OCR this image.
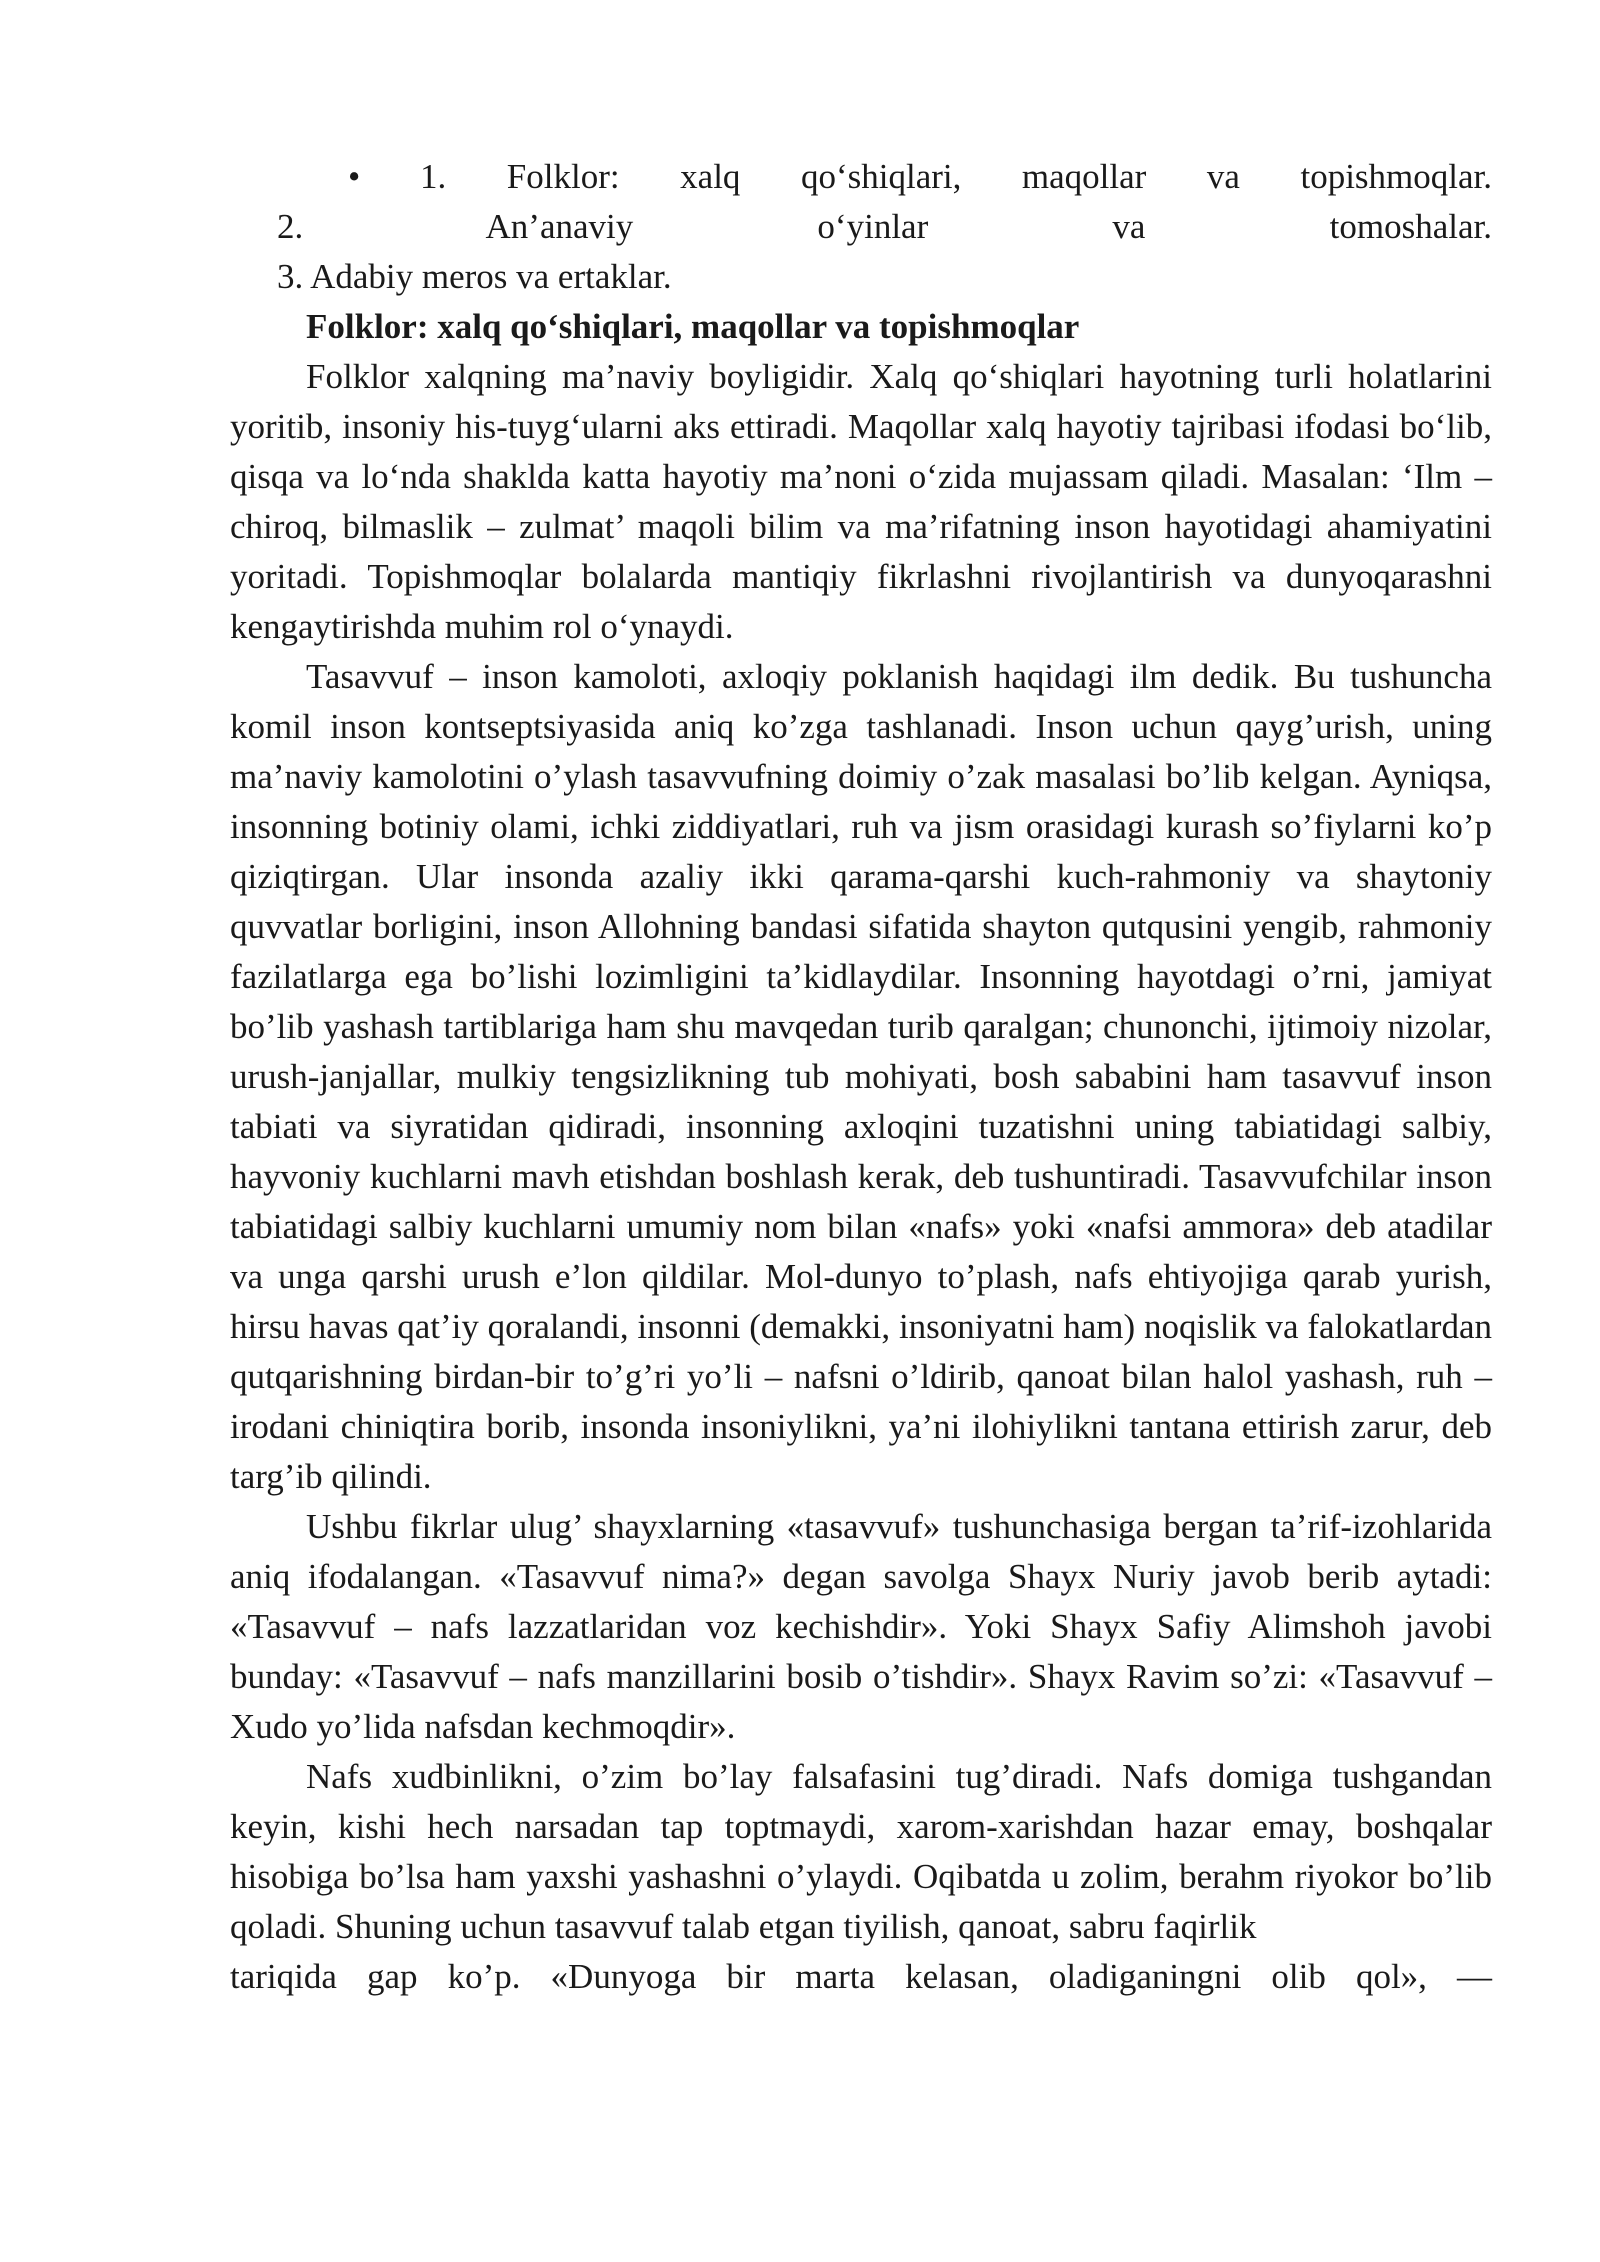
•	1. Folklor: xalq qo‘shiqlari, maqollar va topishmoqlar.
2. An’anaviy o‘yinlar va tomoshalar.
3. Adabiy meros va ertaklar.

Folklor: xalq qo‘shiqlari, maqollar va topishmoqlar

Folklor xalqning ma’naviy boyligidir. Xalq qo‘shiqlari hayotning turli holatlarini yoritib, insoniy his-tuyg‘ularni aks ettiradi. Maqollar xalq hayotiy tajribasi ifodasi bo‘lib, qisqa va lo‘nda shaklda katta hayotiy ma’noni o‘zida mujassam qiladi. Masalan: ‘Ilm – chiroq, bilmaslik – zulmat’ maqoli bilim va ma’rifatning inson hayotidagi ahamiyatini yoritadi. Topishmoqlar bolalarda mantiqiy fikrlashni rivojlantirish va dunyoqarashni kengaytirishda muhim rol o‘ynaydi.

Tasavvuf – inson kamoloti, axloqiy poklanish haqidagi ilm dedik. Bu tushuncha komil inson kontseptsiyasida aniq ko’zga tashlanadi. Inson uchun qayg’urish, uning ma’naviy kamolotini o’ylash tasavvufning doimiy o’zak masalasi bo’lib kelgan. Ayniqsa, insonning botiniy olami, ichki ziddiyatlari, ruh va jism orasidagi kurash so’fiylarni ko’p qiziqtirgan. Ular insonda azaliy ikki qarama-qarshi kuch-rahmoniy va shaytoniy quvvatlar borligini, inson Allohning bandasi sifatida shayton qutqusini yengib, rahmoniy fazilatlarga ega bo’lishi lozimligini ta’kidlaydilar. Insonning hayotdagi o’rni, jamiyat bo’lib yashash tartiblariga ham shu mavqedan turib qaralgan; chunonchi, ijtimoiy nizolar, urush-janjallar, mulkiy tengsizlikning tub mohiyati, bosh sababini ham tasavvuf inson tabiati va siyratidan qidiradi, insonning axloqini tuzatishni uning tabiatidagi salbiy, hayvoniy kuchlarni mavh etishdan boshlash kerak, deb tushuntiradi. Tasavvufchilar inson tabiatidagi salbiy kuchlarni umumiy nom bilan «nafs» yoki «nafsi ammora» deb atadilar va unga qarshi urush e’lon qildilar. Mol-dunyo to’plash, nafs ehtiyojiga qarab yurish, hirsu havas qat’iy qoralandi, insonni (demakki, insoniyatni ham) noqislik va falokatlardan qutqarishning birdan-bir to’g’ri yo’li – nafsni o’ldirib, qanoat bilan halol yashash, ruh – irodani chiniqtira borib, insonda insoniylikni, ya’ni ilohiylikni tantana ettirish zarur, deb targ’ib qilindi.

Ushbu fikrlar ulug’ shayxlarning «tasavvuf» tushunchasiga bergan ta’rif-izohlarida aniq ifodalangan. «Tasavvuf nima?» degan savolga Shayx Nuriy javob berib aytadi: «Tasavvuf – nafs lazzatlaridan voz kechishdir». Yoki Shayx Safiy Alimshoh javobi bunday: «Tasavvuf – nafs manzillarini bosib o’tishdir». Shayx Ravim so’zi: «Tasavvuf – Xudo yo’lida nafsdan kechmoqdir».

Nafs xudbinlikni, o’zim bo’lay falsafasini tug’diradi. Nafs domiga tushgandan keyin, kishi hech narsadan tap toptmaydi, xarom-xarishdan hazar emay, boshqalar hisobiga bo’lsa ham yaxshi yashashni o’ylaydi. Oqibatda u zolim, berahm riyokor bo’lib qoladi. Shuning uchun tasavvuf talab etgan tiyilish, qanoat, sabru faqirlik
tariqida gap ko’p. «Dunyoga bir marta kelasan, oladiganingni olib qol», —
